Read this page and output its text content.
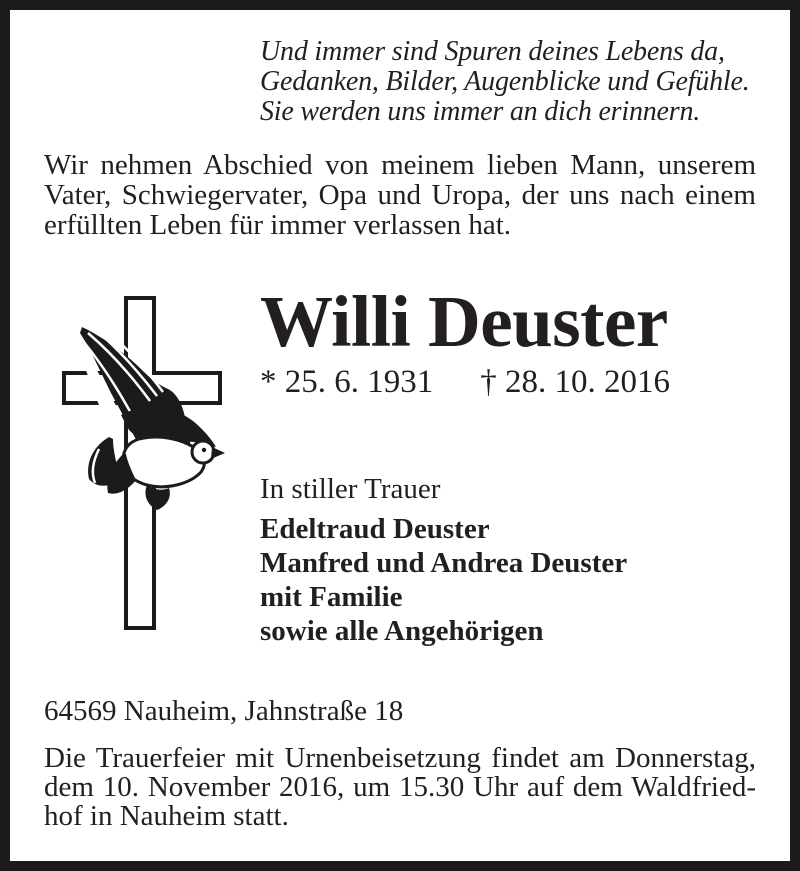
Und immer sind Spuren deines Lebens da,
Gedanken, Bilder, Augenblicke und Gefühle.
Sie werden uns immer an dich erinnern.
Wir nehmen Abschied von meinem lieben Mann, unserem
Vater, Schwiegervater, Opa und Uropa, der uns nach einem
erfüllten Leben für immer verlassen hat.
Willi Deuster
* 25. 6. 1931 † 28. 10. 2016
In stiller Trauer
Edeltraud Deuster
Manfred und Andrea Deuster
mit Familie
sowie alle Angehörigen
64569 Nauheim, Jahnstraße 18
Die Trauerfeier mit Urnenbeisetzung findet am Donnerstag,
dem 10. November 2016, um 15.30 Uhr auf dem Waldfried-
hof in Nauheim statt.
